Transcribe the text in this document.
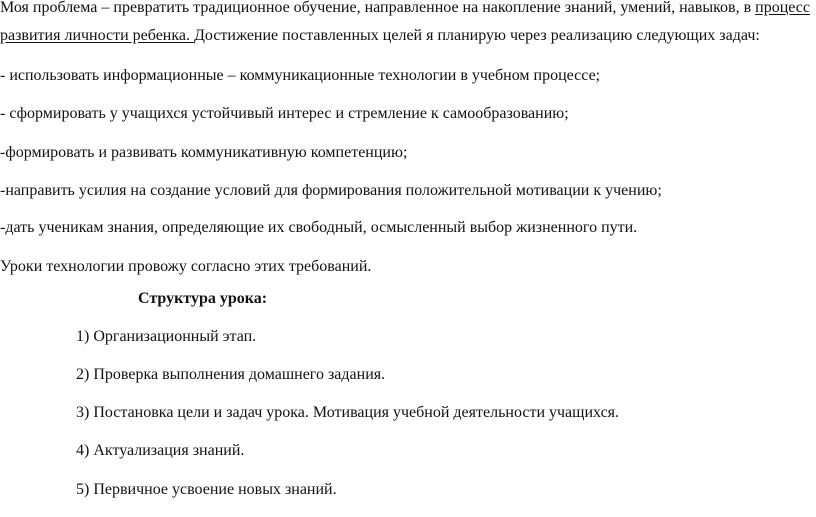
Моя проблема – превратить традиционное обучение, направленное на накопление знаний, умений, навыков, в процесс
развития личности ребенка. Достижение поставленных целей я планирую через реализацию следующих задач:
- использовать информационные – коммуникационные технологии в учебном процессе;
- сформировать у учащихся устойчивый интерес и стремление к самообразованию;
-формировать и развивать коммуникативную компетенцию;
-направить усилия на создание условий для формирования положительной мотивации к учению;
-дать ученикам знания, определяющие их свободный, осмысленный выбор жизненного пути.
Уроки технологии провожу согласно этих требований.
Структура урока:
1) Организационный этап.
2) Проверка выполнения домашнего задания.
3) Постановка цели и задач урока. Мотивация учебной деятельности учащихся.
4) Актуализация знаний.
5) Первичное усвоение новых знаний.
